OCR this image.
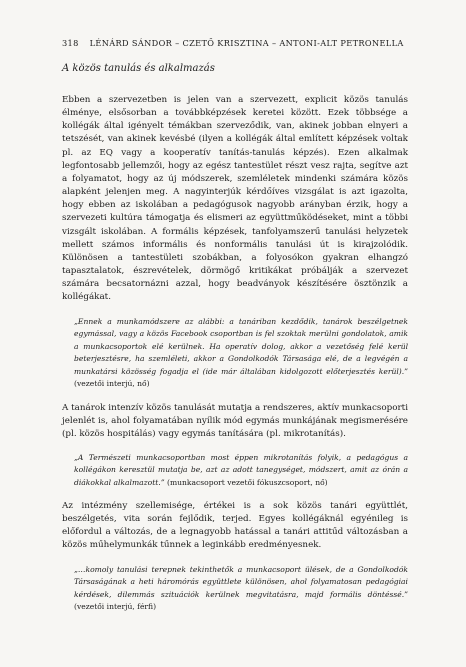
318 LÉNÁRD SÁNDOR – CZETŐ KRISZTINA – ANTONI-ALT PETRONELLA
A közös tanulás és alkalmazás
Ebben a szervezetben is jelen van a szervezett, explicit közös tanulás élménye, elsősorban a továbbképzések keretei között. Ezek többsége a kollégák által igényelt témákban szerveződik, van, akinek jobban elnyeri a tetszését, van akinek kevésbé (ilyen a kollégák által említett képzések voltak pl. az EQ vagy a kooperatív tanítás-tanulás képzés). Ezen alkalmak legfontosabb jellemzői, hogy az egész tantestület részt vesz rajta, segítve azt a folyamatot, hogy az új módszerek, szemléletek mindenki számára közös alapként jelenjen meg. A nagyinterjúk kérdőíves vizsgálat is azt igazolta, hogy ebben az iskolában a pedagógusok nagyobb arányban érzik, hogy a szervezeti kultúra támogatja és elismeri az együttműködéseket, mint a többi vizsgált iskolában. A formális képzések, tanfolyamszerű tanulási helyzetek mellett számos informális és nonformális tanulási út is kirajzolódik. Különösen a tantestületi szobákban, a folyosókon gyakran elhangzó tapasztalatok, észrevételek, dörmögő kritikákat próbálják a szervezet számára becsatornázni azzal, hogy beadványok készítésére ösztönzik a kollégákat.
„Ennek a munkamódszere az alábbi: a tanáriban kezdődik, tanárok beszélgetnek egymással, vagy a közös Facebook csoportban is fel szoktak merülni gondolatok, amik a munkacsoportok elé kerülnek. Ha operatív dolog, akkor a vezetőség felé kerül beterjesztésre, ha szemléleti, akkor a Gondolkodók Társasága elé, de a legvégén a munkatársi közösség fogadja el (ide már általában kidolgozott előterjesztés kerül).” (vezetői interjú, nő)
A tanárok intenzív közös tanulását mutatja a rendszeres, aktív munkacsoporti jelenlét is, ahol folyamatában nyílik mód egymás munkájának megismerésére (pl. közös hospitálás) vagy egymás tanítására (pl. mikrotanítás).
„A Természeti munkacsoportban most éppen mikrotanítás folyik, a pedagógus a kollégákon keresztül mutatja be, azt az adott tanegységet, módszert, amit az órán a diákokkal alkalmazott.” (munkacsoport vezetői fókuszcsoport, nő)
Az intézmény szellemisége, értékei is a sok közös tanári együttlét, beszélgetés, vita során fejlődik, terjed. Egyes kollégáknál egyénileg is előfordul a változás, de a legnagyobb hatással a tanári attitűd változásban a közös műhelymunkák tűnnek a leginkább eredményesnek.
„…komoly tanulási terepnek tekinthetők a munkacsoport ülések, de a Gondolkodók Társaságának a heti háromórás együttlete különösen, ahol folyamatosan pedagógiai kérdések, dilemmás szituációk kerülnek megvitatásra, majd formális döntéssé.” (vezetői interjú, férfi)
